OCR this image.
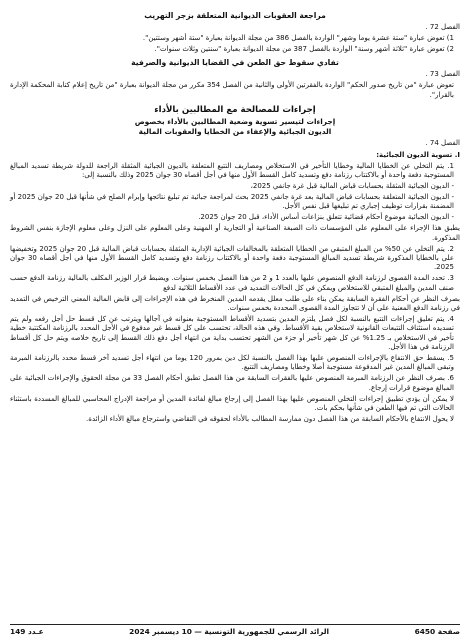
مراجعة العقوبات الديوانية المتعلقة بزجر التهريب

الفصل 72 .

1) تعوض عبارة "ستة عشرة يوما وشهر" الواردة بالفصل 386 من مجلة الديوانة بعبارة "ستة أشهر وستتين".

2) تعوض عبارة "ثلاثة أشهر وسنة" الواردة بالفصل 387 من مجلة الديوانة بعبارة "سنتين وثلاث سنوات".

تفادي سقوط حق الطعن في القضايا الديوانية والصرفية

الفصل 73 .

تعوض عبارة "من تاريخ صدور الحكم" الواردة بالفقرتين الأولى والثانية من الفصل 354 مكرر من مجلة الديوانة بعبارة "من تاريخ إعلام كتابة المحكمة الإدارة بالقرار".

إجراءات للمصالحة مع المطالبين بالأداء

إجراءات لتيسير تسوية وضعية المطالبين بالأداء بخصوص

الديون الجبائية والإعفاء من الخطايا والعقوبات المالية

الفصل 74 .

I. تسوية الديون الجبائية:

1. يتم التخلي عن الخطايا المالية وخطايا التأخير في الاستخلاص ومصاريف التتبع المتعلقة بالديون الجبائية المثقلة الراجعة للدولة شريطة تسديد المبالغ المستوجبة دفعة واحدة أو بالاكتتاب رزنامة دفع وتسديد كامل القسط الأول منها في أجل أقصاه 30 جوان 2025 وذلك بالنسبة إلى:

- الديون الجبائية المثقلة بحسابات قباض المالية قبل غرة جانفي 2025،

- الديون الجبائية المتعلقة بحسابات قباض المالية بعد غرة جانفي 2025 بحث لمراجعة جبائية تم تبليغ نتائجها وإبرام الصلح في شأنها قبل 20 جوان 2025 أو المضمنة بقرارات توظيف إجباري تم تبليغها قبل نفس الأجل.

- الديون الجبائية موضوع أحكام قضائية تتعلق بنزاعات أساس الأداء، قبل 20 جوان 2025.

يطبق هذا الإجراء على المعلوم على المؤسسات ذات الصبغة الصناعية أو التجارية أو المهنية وعلى المعلوم على النزل وعلى معلوم الإجازة بنفس الشروط المذكورة.

2. يتم التخلي عن 50% من المبلغ المتبقي من الخطايا المتعلقة بالمخالفات الجبائية الإدارية المثقلة بحسابات قباض المالية قبل 20 جوان 2025 وتخفيضها على بالخطايا المذكورة شريطة تسديد المبالغ المستوجبة دفعة واحدة أو بالاكتتاب رزنامة دفع وتسديد كامل القسط الأول منها في أجل أقصاه 30 جوان 2025.

3. تحدد المدة القصوى لرزنامة الدفع المنصوص عليها بالعدد 1 و 2 من هذا الفصل بخمس سنوات. ويضبط قرار الوزير المكلف بالمالية رزنامة الدفع حسب صنف المدين والمبلغ المتبقي للاستخلاص ويمكن في كل الحالات التمديد في عدد الأقساط الثلاثية لدفع

بصرف النظر عن أحكام الفقرة السابقة يمكن بناء على طلب معلل يقدمه المدين المنخرط في هذه الإجراءات إلى قابض المالية المعني الترخيص في التمديد في رزنامة الدفع المعنية على أن لا تتجاوز المدة القصوى المحددة بخمس سنوات.

4. يتم تعليق إجراءات التتبع بالنسبة لكل فصل يلتزم المدين بتسديد الأقساط المستوجبة بعنوانه في آجالها ويترتب عن كل قسط حل أجل رفعه ولم يتم تسديده استئناف التتبعات القانونية لاستخلاص بقية الأقساط. وفي هذه الحالة، تحتسب على كل قسط غير مدفوع في الأجل المحدد بالرزنامة المكتتبة خطية تأخير في الاستخلاص بـ 1.25% عن كل شهر تأخير أو جزء من الشهر تحتسب بداية من انتهاء أجل دفع ذلك القسط إلى تاريخ خلاصه ويتم حل كل أقساط الرزنامة في هذا الأجل.

5. يسقط حق الانتفاع بالإجراءات المنصوص عليها بهذا الفصل بالنسبة لكل دين بمرور 120 يوما من انتهاء أجل تسديد آخر قسط محدد بالرزنامة المبرمة وتبقى المبالغ المدين غير المدفوعة مستوجبة أصلا وخطايا ومصاريف التتبع.

6. بصرف النظر عن الرزنامة المبرمة المنصوص عليها بالفقرات السابقة من هذا الفصل تطبق أحكام الفصل 33 من مجلة الحقوق والإجراءات الجبائية على المبالغ موضوع قرارات إرجاع.

لا يمكن أن يؤدي تطبيق إجراءات التخلي المنصوص عليها بهذا الفصل إلى إرجاع مبالغ لفائدة المدين أو مراجعة الإدراج المحاسبي للمبالغ المسددة باستثناء الحالات التي تم فيها الطعن في شأنها بحكم بات.

لا يحول الانتفاع بالأحكام السابقة من هذا الفصل دون ممارسة المطالب بالأداء لحقوقه في التقاضي واسترجاع مبالغ الأداء الزائدة.

صفحة 6450
الرائد الرسمي للجمهورية التونسية — 10 ديسمبر 2024
عـدد 149
